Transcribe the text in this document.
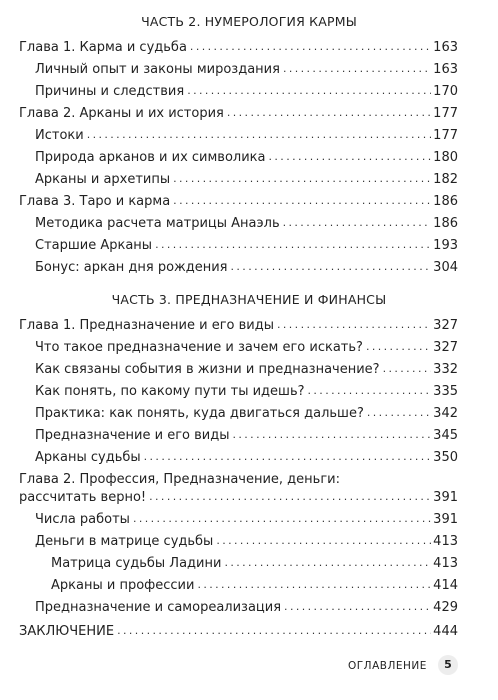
ЧАСТЬ 2. НУМЕРОЛОГИЯ КАРМЫ
Глава 1. Карма и судьба .....	163
Личный опыт и законы мироздания .....	163
Причины и следствия .....	170
Глава 2. Арканы и их история .....	177
Истоки .....	177
Природа арканов и их символика .....	180
Арканы и архетипы .....	182
Глава 3. Таро и карма .....	186
Методика расчета матрицы Анаэль .....	186
Старшие Арканы .....	193
Бонус: аркан дня рождения .....	304
ЧАСТЬ 3. ПРЕДНАЗНАЧЕНИЕ И ФИНАНСЫ
Глава 1. Предназначение и его виды .....	327
Что такое предназначение и зачем его искать? .....	327
Как связаны события в жизни и предназначение? .....	332
Как понять, по какому пути ты идешь? .....	335
Практика: как понять, куда двигаться дальше? .....	342
Предназначение и его виды .....	345
Арканы судьбы .....	350
Глава 2. Профессия, Предназначение, деньги:
рассчитать верно! .....	391
Числа работы .....	391
Деньги в матрице судьбы .....	413
Матрица судьбы Ладини .....	413
Арканы и профессии .....	414
Предназначение и самореализация .....	429
ЗАКЛЮЧЕНИЕ .....	444
ОГЛАВЛЕНИЕ	5
